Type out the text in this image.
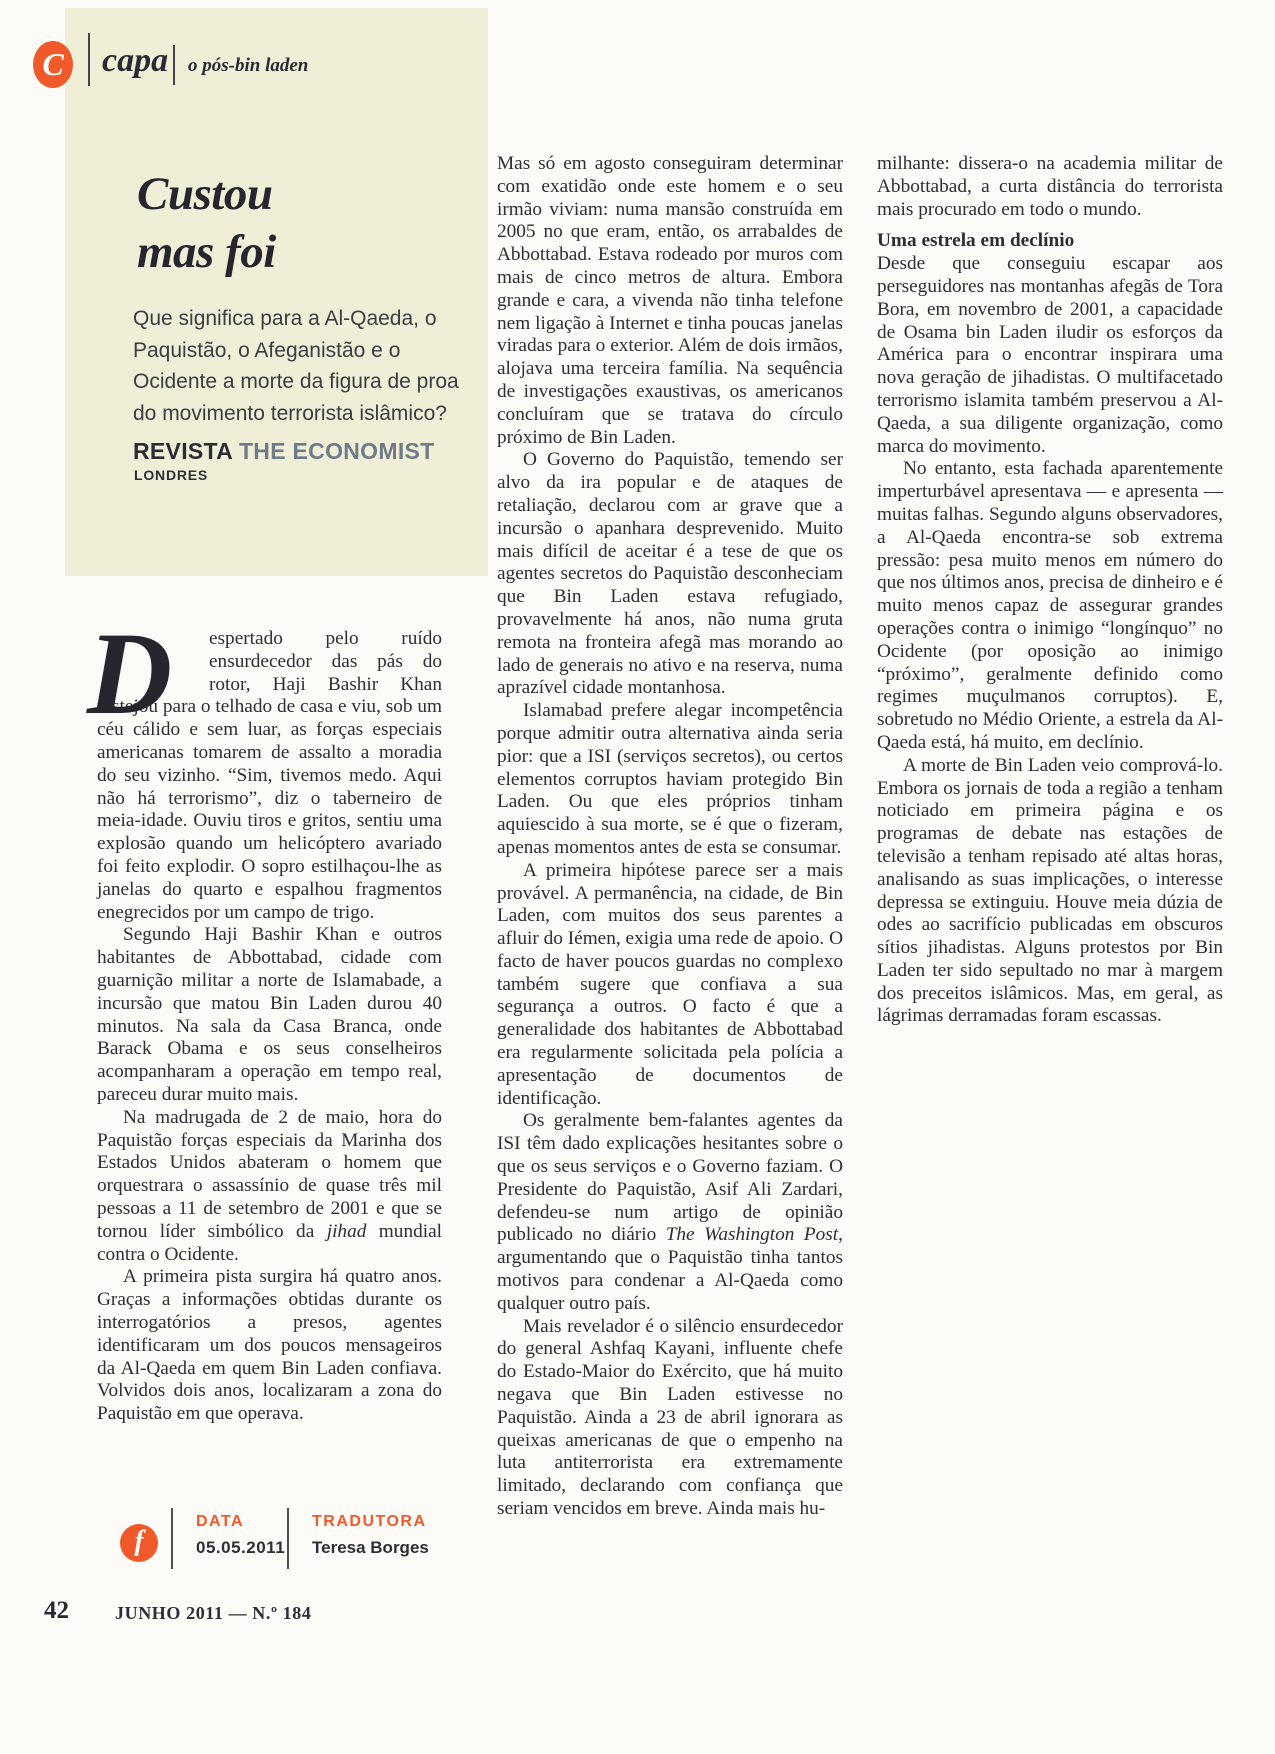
C capa o pós-bin laden
Custou
mas foi
Que significa para a Al-Qaeda, o Paquistão, o Afeganistão e o Ocidente a morte da figura de proa do movimento terrorista islâmico?
REVISTA THE ECONOMIST
LONDRES

D espertado pelo ruído ensurdecedor das pás do rotor, Haji Bashir Khan rastejou para o telhado de casa e viu, sob um céu cálido e sem luar, as forças especiais americanas tomarem de assalto a moradia do seu vizinho. “Sim, tivemos medo. Aqui não há terrorismo”, diz o taberneiro de meia-idade. Ouviu tiros e gritos, sentiu uma explosão quando um helicóptero avariado foi feito explodir. O sopro estilhaçou-lhe as janelas do quarto e espalhou fragmentos enegrecidos por um campo de trigo.

Segundo Haji Bashir Khan e outros habitantes de Abbottabad, cidade com guarnição militar a norte de Islamabade, a incursão que matou Bin Laden durou 40 minutos. Na sala da Casa Branca, onde Barack Obama e os seus conselheiros acompanharam a operação em tempo real, pareceu durar muito mais.

Na madrugada de 2 de maio, hora do Paquistão forças especiais da Marinha dos Estados Unidos abateram o homem que orquestrara o assassínio de quase três mil pessoas a 11 de setembro de 2001 e que se tornou líder simbólico da jihad mundial contra o Ocidente.

A primeira pista surgira há quatro anos. Graças a informações obtidas durante os interrogatórios a presos, agentes identificaram um dos poucos mensageiros da Al-Qaeda em quem Bin Laden confiava. Volvidos dois anos, localizaram a zona do Paquistão em que operava.

Mas só em agosto conseguiram determinar com exatidão onde este homem e o seu irmão viviam: numa mansão construída em 2005 no que eram, então, os arrabaldes de Abbottabad. Estava rodeado por muros com mais de cinco metros de altura. Embora grande e cara, a vivenda não tinha telefone nem ligação à Internet e tinha poucas janelas viradas para o exterior. Além de dois irmãos, alojava uma terceira família. Na sequência de investigações exaustivas, os americanos concluíram que se tratava do círculo próximo de Bin Laden.

O Governo do Paquistão, temendo ser alvo da ira popular e de ataques de retaliação, declarou com ar grave que a incursão o apanhara desprevenido. Muito mais difícil de aceitar é a tese de que os agentes secretos do Paquistão desconheciam que Bin Laden estava refugiado, provavelmente há anos, não numa gruta remota na fronteira afegã mas morando ao lado de generais no ativo e na reserva, numa aprazível cidade montanhosa.

Islamabad prefere alegar incompetência porque admitir outra alternativa ainda seria pior: que a ISI (serviços secretos), ou certos elementos corruptos haviam protegido Bin Laden. Ou que eles próprios tinham aquiescido à sua morte, se é que o fizeram, apenas momentos antes de esta se consumar.

A primeira hipótese parece ser a mais provável. A permanência, na cidade, de Bin Laden, com muitos dos seus parentes a afluir do Iémen, exigia uma rede de apoio. O facto de haver poucos guardas no complexo também sugere que confiava a sua segurança a outros. O facto é que a generalidade dos habitantes de Abbottabad era regularmente solicitada pela polícia a apresentação de documentos de identificação.

Os geralmente bem-falantes agentes da ISI têm dado explicações hesitantes sobre o que os seus serviços e o Governo faziam. O Presidente do Paquistão, Asif Ali Zardari, defendeu-se num artigo de opinião publicado no diário The Washington Post, argumentando que o Paquistão tinha tantos motivos para condenar a Al-Qaeda como qualquer outro país.

Mais revelador é o silêncio ensurdecedor do general Ashfaq Kayani, influente chefe do Estado-Maior do Exército, que há muito negava que Bin Laden estivesse no Paquistão. Ainda a 23 de abril ignorara as queixas americanas de que o empenho na luta antiterrorista era extremamente limitado, declarando com confiança que seriam vencidos em breve. Ainda mais hu-

milhante: dissera-o na academia militar de Abbottabad, a curta distância do terrorista mais procurado em todo o mundo.

Uma estrela em declínio

Desde que conseguiu escapar aos perseguidores nas montanhas afegãs de Tora Bora, em novembro de 2001, a capacidade de Osama bin Laden iludir os esforços da América para o encontrar inspirara uma nova geração de jihadistas. O multifacetado terrorismo islamita também preservou a Al-Qaeda, a sua diligente organização, como marca do movimento.

No entanto, esta fachada aparentemente imperturbável apresentava — e apresenta — muitas falhas. Segundo alguns observadores, a Al-Qaeda encontra-se sob extrema pressão: pesa muito menos em número do que nos últimos anos, precisa de dinheiro e é muito menos capaz de assegurar grandes operações contra o inimigo “longínquo” no Ocidente (por oposição ao inimigo “próximo”, geralmente definido como regimes muçulmanos corruptos). E, sobretudo no Médio Oriente, a estrela da Al-Qaeda está, há muito, em declínio.

A morte de Bin Laden veio comprová-lo. Embora os jornais de toda a região a tenham noticiado em primeira página e os programas de debate nas estações de televisão a tenham repisado até altas horas, analisando as suas implicações, o interesse depressa se extinguiu. Houve meia dúzia de odes ao sacrifício publicadas em obscuros sítios jihadistas. Alguns protestos por Bin Laden ter sido sepultado no mar à margem dos preceitos islâmicos. Mas, em geral, as lágrimas derramadas foram escassas.

f
DATA
05.05.2011
TRADUTORA
Teresa Borges
42	JUNHO 2011 — N.º 184
